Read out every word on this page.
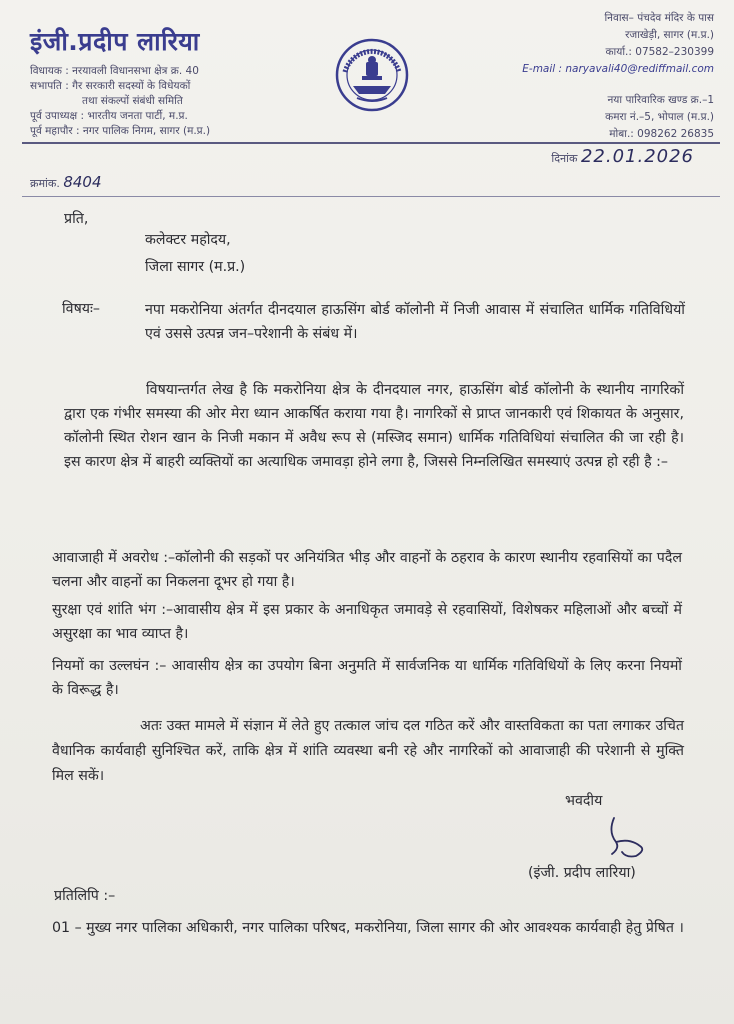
इंजी.प्रदीप लारिया
विधायक : नरयावली विधानसभा क्षेत्र क्र. 40
सभापति : गैर सरकारी सदस्यों के विधेयकों
तथा संकल्पों संबंधी समिति
पूर्व उपाध्यक्ष : भारतीय जनता पार्टी, म.प्र.
पूर्व महापौर : नगर पालिक निगम, सागर (म.प्र.)
निवास– पंचदेव मंदिर के पास
रजाखेड़ी, सागर (म.प्र.)
कार्या.: 07582–230399
E-mail : naryavali40@rediffmail.com
नया पारिवारिक खण्ड क्र.–1
कमरा नं.–5, भोपाल (म.प्र.)
मोबा.: 098262 26835
दिनांक 22.01.2026
क्रमांक. 8404
प्रति,
कलेक्टर महोदय,
जिला सागर (म.प्र.)
विषयः–	नपा मकरोनिया अंतर्गत दीनदयाल हाऊसिंग बोर्ड कॉलोनी में निजी आवास में संचालित धार्मिक गतिविधियों एवं उससे उत्पन्न जन–परेशानी के संबंध में।
विषयान्तर्गत लेख है कि मकरोनिया क्षेत्र के दीनदयाल नगर, हाऊसिंग बोर्ड कॉलोनी के स्थानीय नागरिकों द्वारा एक गंभीर समस्या की ओर मेरा ध्यान आकर्षित कराया गया है। नागरिकों से प्राप्त जानकारी एवं शिकायत के अनुसार, कॉलोनी स्थित रोशन खान के निजी मकान में अवैध रूप से (मस्जिद समान) धार्मिक गतिविधियां संचालित की जा रही है। इस कारण क्षेत्र में बाहरी व्यक्तियों का अत्याधिक जमावड़ा होने लगा है, जिससे निम्नलिखित समस्याएं उत्पन्न हो रही है :–
आवाजाही में अवरोध :–कॉलोनी की सड़कों पर अनियंत्रित भीड़ और वाहनों के ठहराव के कारण स्थानीय रहवासियों का पदैल चलना और वाहनों का निकलना दूभर हो गया है।
सुरक्षा एवं शांति भंग :–आवासीय क्षेत्र में इस प्रकार के अनाधिकृत जमावड़े से रहवासियों, विशेषकर महिलाओं और बच्चों में असुरक्षा का भाव व्याप्त है।
नियमों का उल्लघंन :– आवासीय क्षेत्र का उपयोग बिना अनुमति में सार्वजनिक या धार्मिक गतिविधियों के लिए करना नियमों के विरूद्ध है।
अतः उक्त मामले में संज्ञान में लेते हुए तत्काल जांच दल गठित करें और वास्तविकता का पता लगाकर उचित वैधानिक कार्यवाही सुनिश्चित करें, ताकि क्षेत्र में शांति व्यवस्था बनी रहे और नागरिकों को आवाजाही की परेशानी से मुक्ति मिल सकें।
भवदीय
(इंजी. प्रदीप लारिया)
प्रतिलिपि :–
01 – मुख्य नगर पालिका अधिकारी, नगर पालिका परिषद, मकरोनिया, जिला सागर की ओर आवश्यक कार्यवाही हेतु प्रेषित ।
